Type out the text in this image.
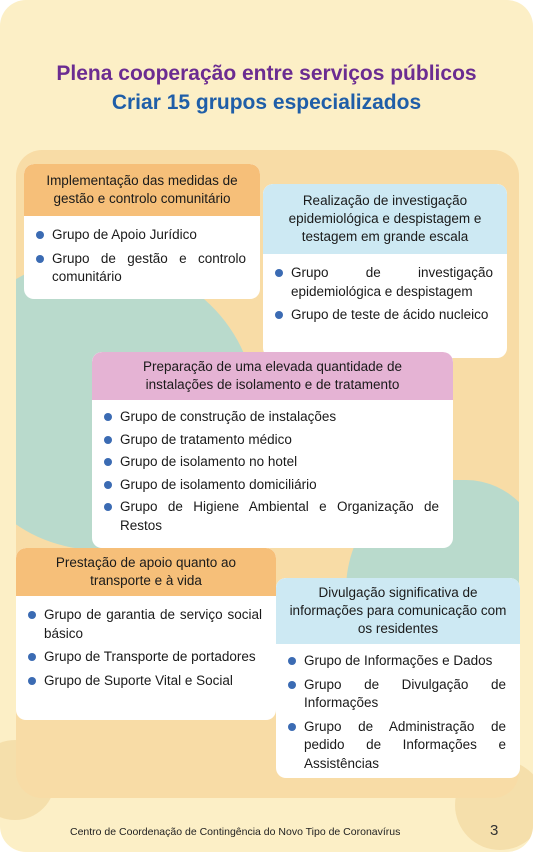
Plena cooperação entre serviços públicos
Criar 15 grupos especializados
Implementação das medidas de gestão e controlo comunitário
Grupo de Apoio Jurídico
Grupo de gestão e controlo comunitário
Realização de investigação epidemiológica e despistagem e testagem em grande escala
Grupo de investigação epidemiológica e despistagem
Grupo de teste de ácido nucleico
Preparação de uma elevada quantidade de instalações de isolamento e de tratamento
Grupo de construção de instalações
Grupo de tratamento médico
Grupo de isolamento no hotel
Grupo de isolamento domiciliário
Grupo de Higiene Ambiental e Organização de Restos
Prestação de apoio quanto ao transporte e à vida
Grupo de garantia de serviço social básico
Grupo de Transporte de portadores
Grupo de Suporte Vital e Social
Divulgação significativa de informações para comunicação com os residentes
Grupo de Informações e Dados
Grupo de Divulgação de Informações
Grupo de Administração de pedido de Informações e Assistências
Centro de Coordenação de Contingência do Novo Tipo de Coronavírus	3
